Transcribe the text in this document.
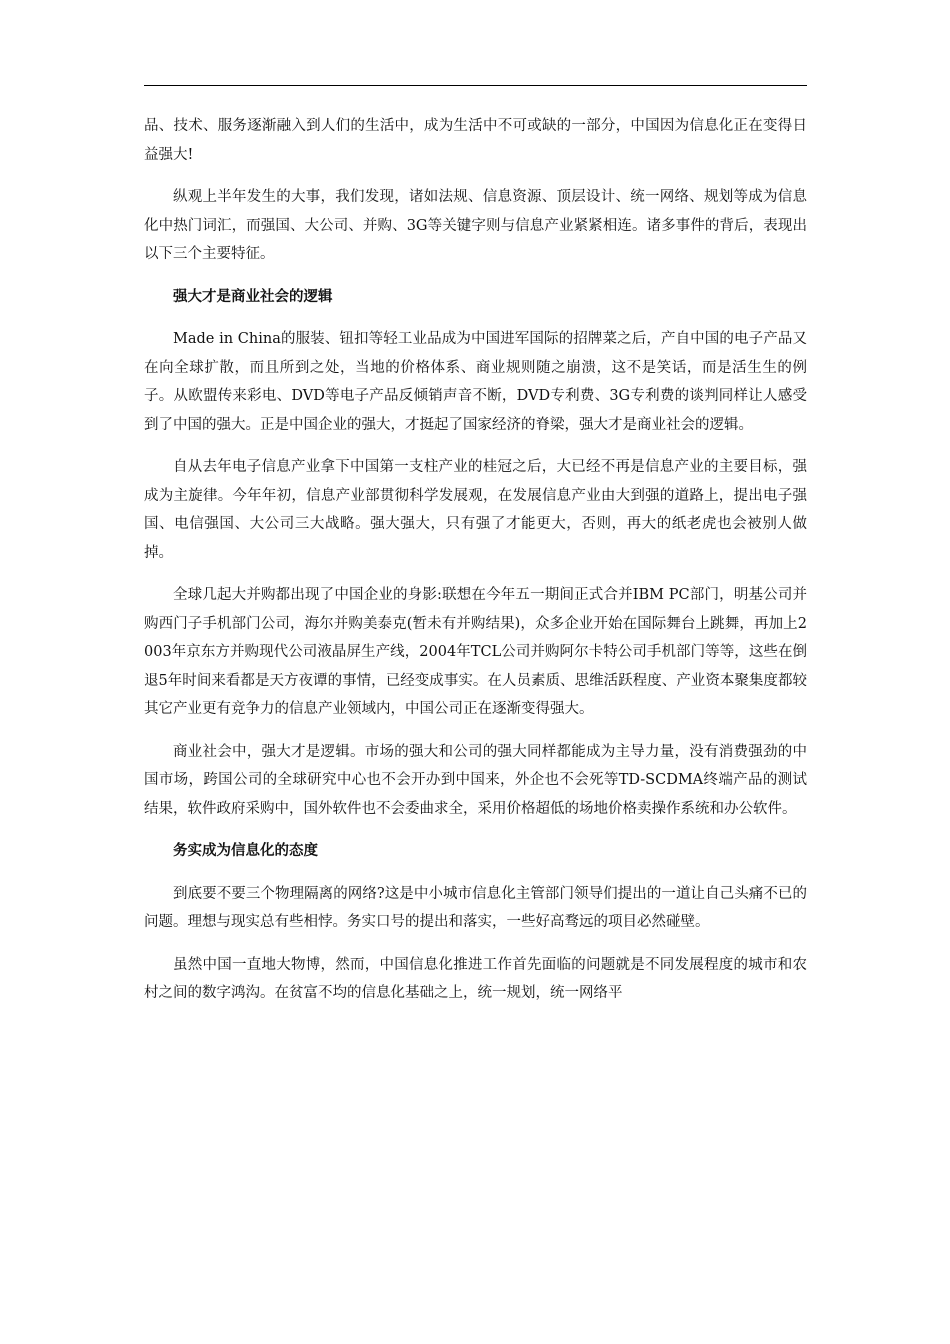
品、技术、服务逐渐融入到人们的生活中，成为生活中不可或缺的一部分，中国因为信息化正在变得日益强大!

纵观上半年发生的大事，我们发现，诸如法规、信息资源、顶层设计、统一网络、规划等成为信息化中热门词汇，而强国、大公司、并购、3G等关键字则与信息产业紧紧相连。诸多事件的背后，表现出以下三个主要特征。

强大才是商业社会的逻辑

Made in China的服装、钮扣等轻工业品成为中国进军国际的招牌菜之后，产自中国的电子产品又在向全球扩散，而且所到之处，当地的价格体系、商业规则随之崩溃，这不是笑话，而是活生生的例子。从欧盟传来彩电、DVD等电子产品反倾销声音不断，DVD专利费、3G专利费的谈判同样让人感受到了中国的强大。正是中国企业的强大，才挺起了国家经济的脊梁，强大才是商业社会的逻辑。

自从去年电子信息产业拿下中国第一支柱产业的桂冠之后，大已经不再是信息产业的主要目标，强成为主旋律。今年年初，信息产业部贯彻科学发展观，在发展信息产业由大到强的道路上，提出电子强国、电信强国、大公司三大战略。强大强大，只有强了才能更大，否则，再大的纸老虎也会被别人做掉。

全球几起大并购都出现了中国企业的身影:联想在今年五一期间正式合并IBM PC部门，明基公司并购西门子手机部门公司，海尔并购美泰克(暂未有并购结果)，众多企业开始在国际舞台上跳舞，再加上2003年京东方并购现代公司液晶屏生产线，2004年TCL公司并购阿尔卡特公司手机部门等等，这些在倒退5年时间来看都是天方夜谭的事情，已经变成事实。在人员素质、思维活跃程度、产业资本聚集度都较其它产业更有竞争力的信息产业领域内，中国公司正在逐渐变得强大。

商业社会中，强大才是逻辑。市场的强大和公司的强大同样都能成为主导力量，没有消费强劲的中国市场，跨国公司的全球研究中心也不会开办到中国来，外企也不会死等TD-SCDMA终端产品的测试结果，软件政府采购中，国外软件也不会委曲求全，采用价格超低的场地价格卖操作系统和办公软件。

务实成为信息化的态度

到底要不要三个物理隔离的网络?这是中小城市信息化主管部门领导们提出的一道让自己头痛不已的问题。理想与现实总有些相悖。务实口号的提出和落实，一些好高骛远的项目必然碰壁。

虽然中国一直地大物博，然而，中国信息化推进工作首先面临的问题就是不同发展程度的城市和农村之间的数字鸿沟。在贫富不均的信息化基础之上，统一规划，统一网络平
